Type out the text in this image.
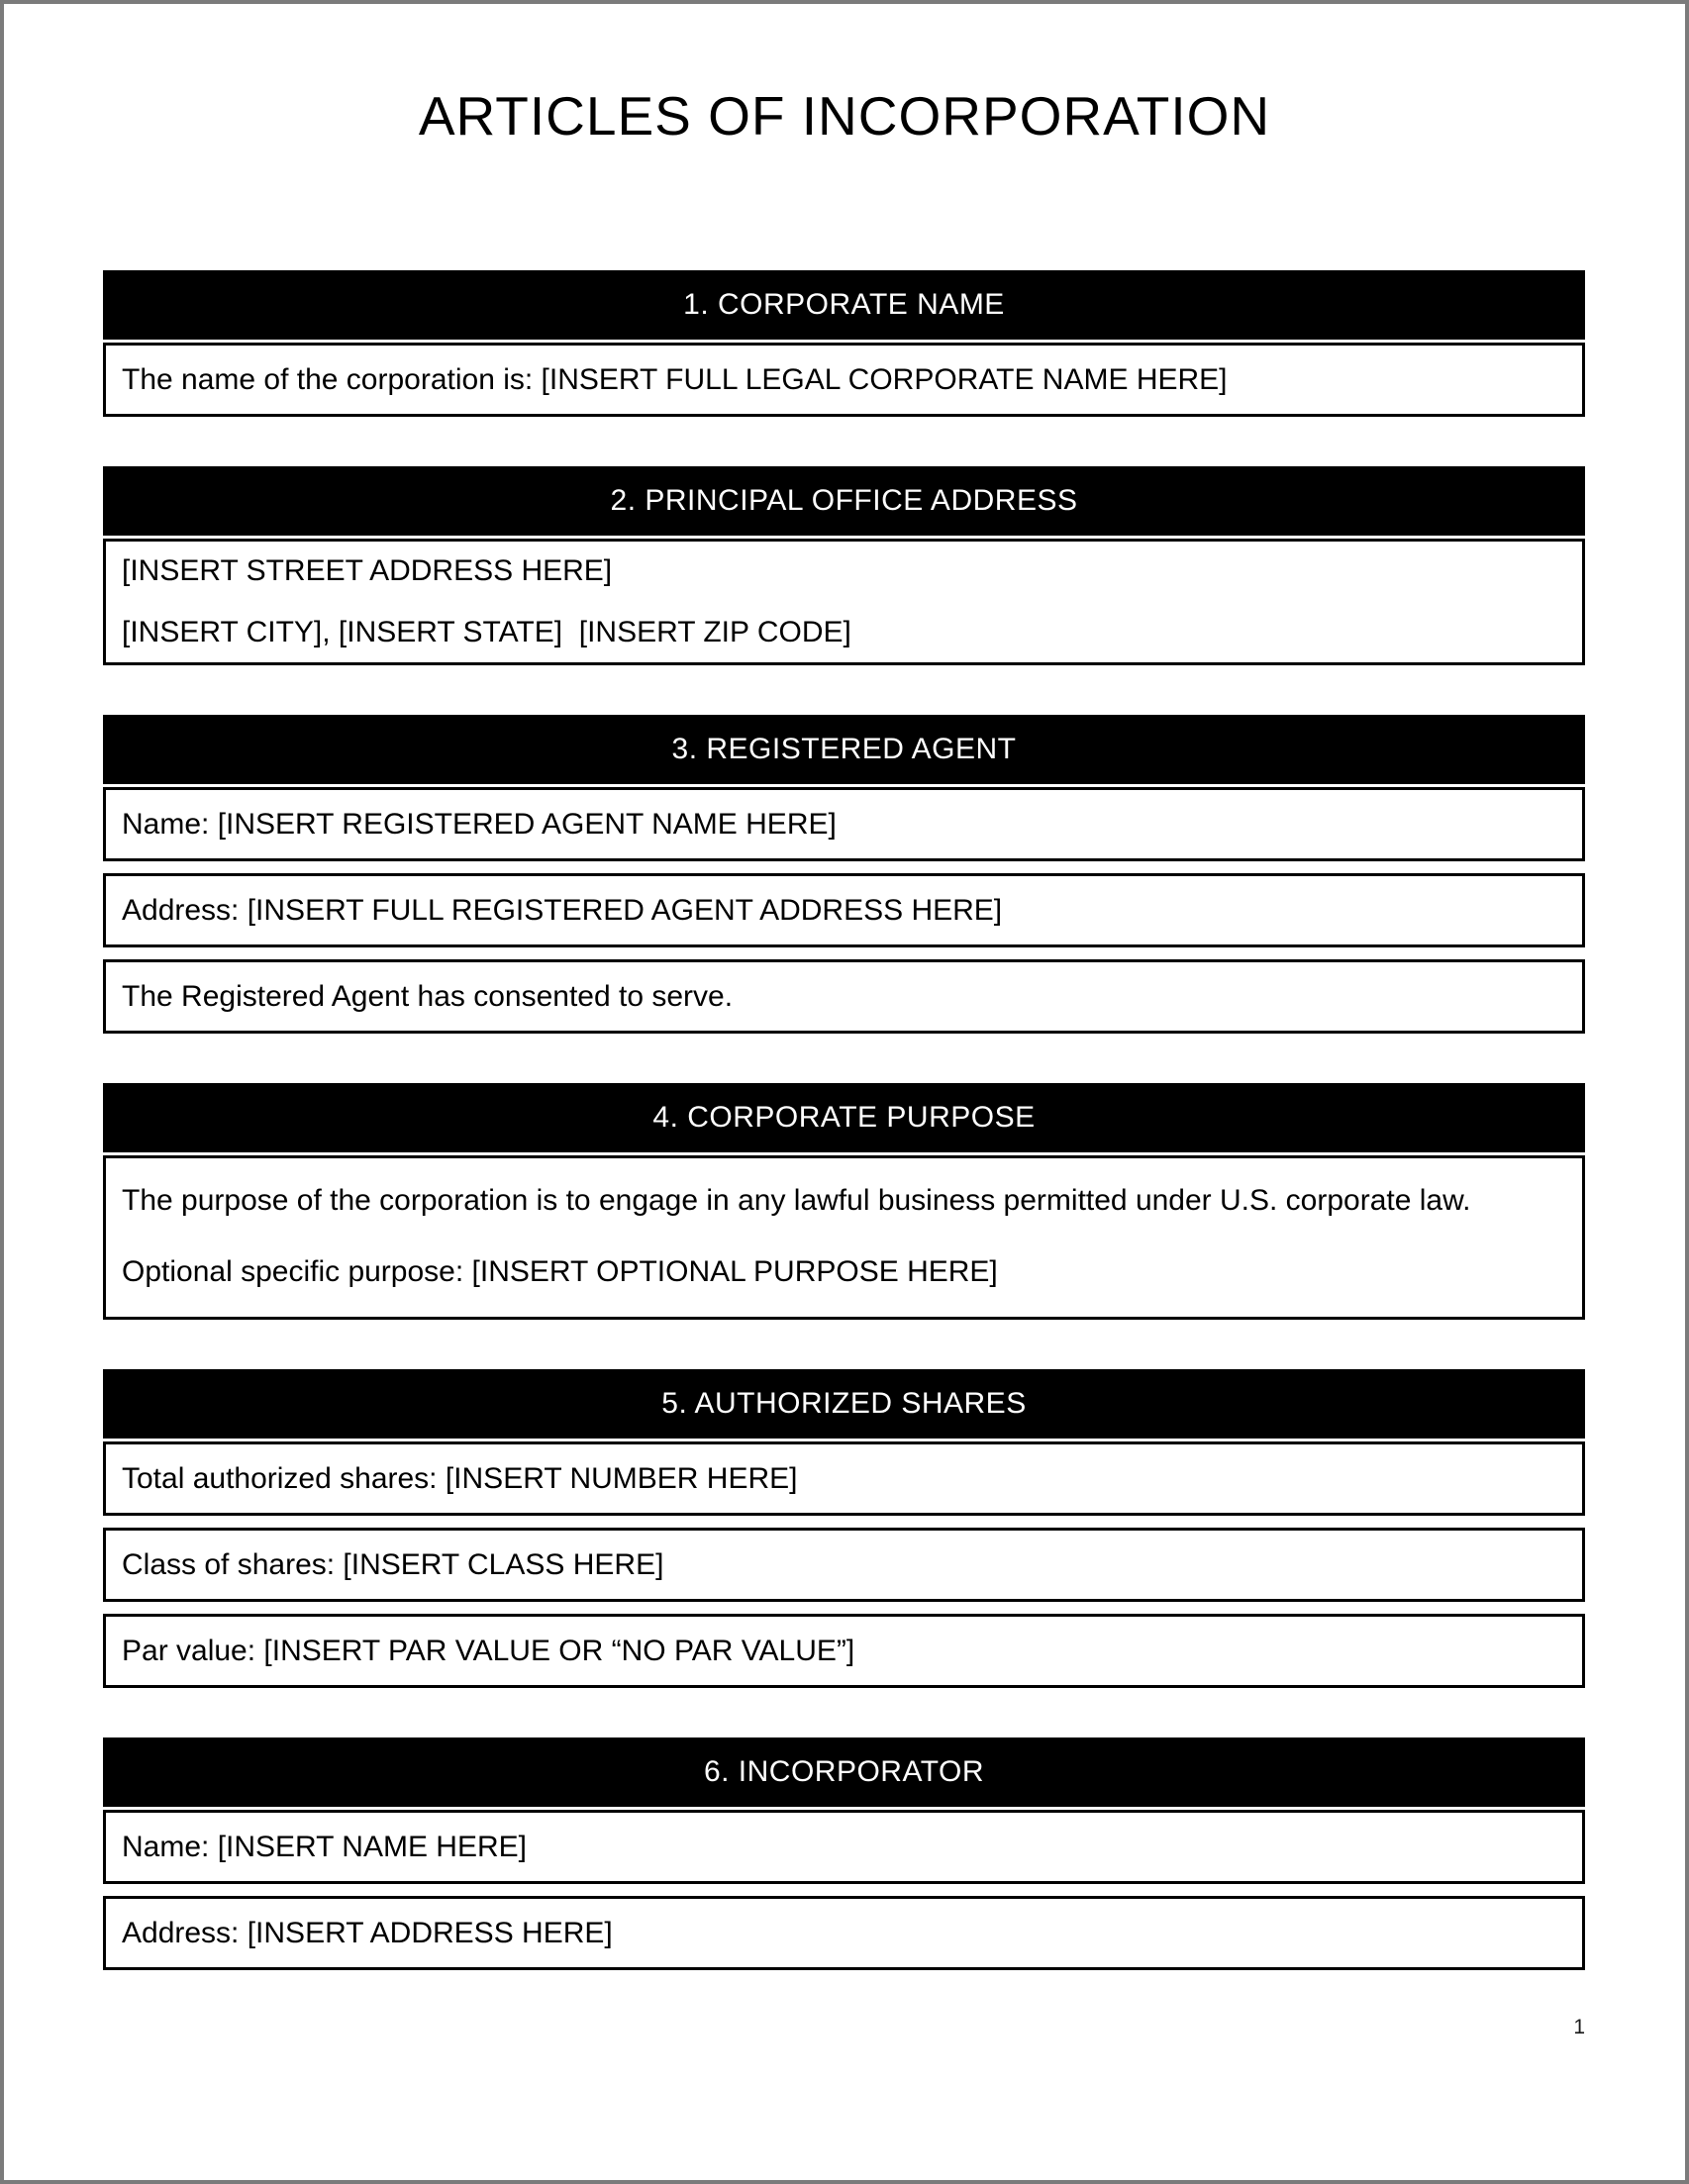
ARTICLES OF INCORPORATION
1. CORPORATE NAME
The name of the corporation is: [INSERT FULL LEGAL CORPORATE NAME HERE]
2. PRINCIPAL OFFICE ADDRESS
[INSERT STREET ADDRESS HERE]
[INSERT CITY], [INSERT STATE]  [INSERT ZIP CODE]
3. REGISTERED AGENT
Name: [INSERT REGISTERED AGENT NAME HERE]
Address: [INSERT FULL REGISTERED AGENT ADDRESS HERE]
The Registered Agent has consented to serve.
4. CORPORATE PURPOSE
The purpose of the corporation is to engage in any lawful business permitted under U.S. corporate law.
Optional specific purpose: [INSERT OPTIONAL PURPOSE HERE]
5. AUTHORIZED SHARES
Total authorized shares: [INSERT NUMBER HERE]
Class of shares: [INSERT CLASS HERE]
Par value: [INSERT PAR VALUE OR “NO PAR VALUE”]
6. INCORPORATOR
Name: [INSERT NAME HERE]
Address: [INSERT ADDRESS HERE]
1
